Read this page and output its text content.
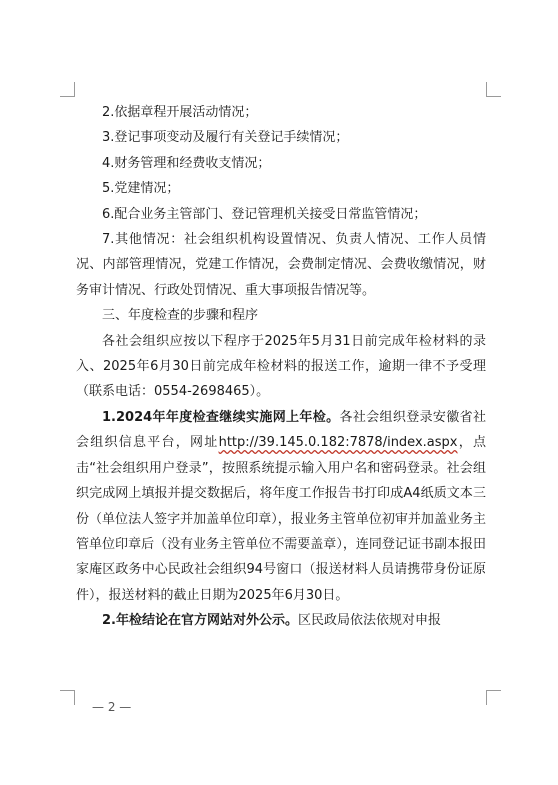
2.依据章程开展活动情况；

3.登记事项变动及履行有关登记手续情况；

4.财务管理和经费收支情况；

5.党建情况；

6.配合业务主管部门、登记管理机关接受日常监管情况；

7.其他情况：社会组织机构设置情况、负责人情况、工作人员情况、内部管理情况，党建工作情况，会费制定情况、会费收缴情况，财务审计情况、行政处罚情况、重大事项报告情况等。

三、年度检查的步骤和程序

各社会组织应按以下程序于2025年5月31日前完成年检材料的录入、2025年6月30日前完成年检材料的报送工作，逾期一律不予受理（联系电话：0554-2698465）。

1.2024年年度检查继续实施网上年检。各社会组织登录安徽省社会组织信息平台，网址http://39.145.0.182:7878/index.aspx，点击“社会组织用户登录”，按照系统提示输入用户名和密码登录。社会组织完成网上填报并提交数据后，将年度工作报告书打印成A4纸质文本三份（单位法人签字并加盖单位印章），报业务主管单位初审并加盖业务主管单位印章后（没有业务主管单位不需要盖章），连同登记证书副本报田家庵区政务中心民政社会组织94号窗口（报送材料人员请携带身份证原件），报送材料的截止日期为2025年6月30日。

2.年检结论在官方网站对外公示。区民政局依法依规对申报

— 2 —
